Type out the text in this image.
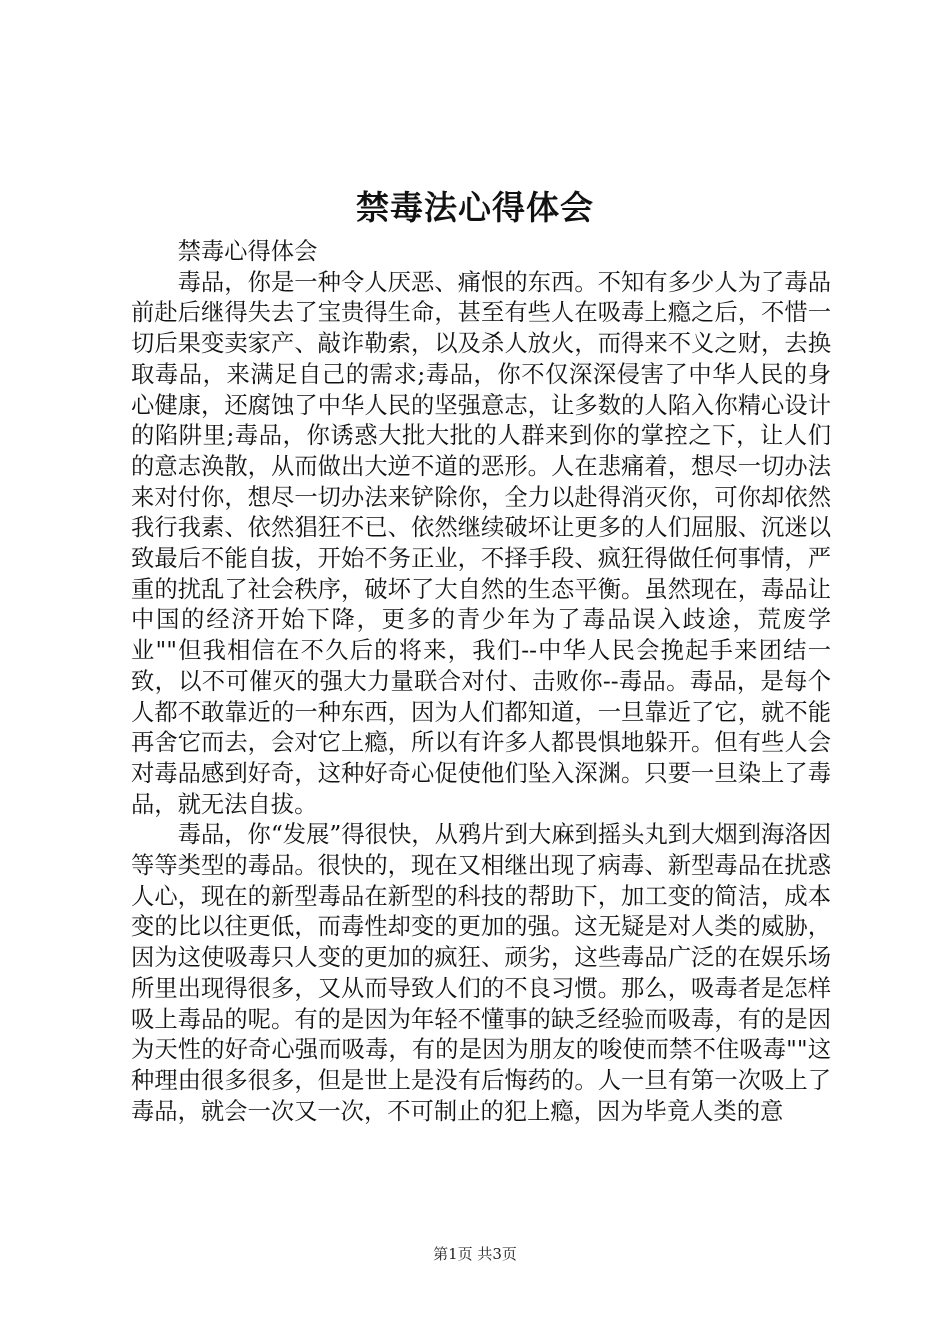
禁毒法心得体会

禁毒心得体会

毒品，你是一种令人厌恶、痛恨的东西。不知有多少人为了毒品前赴后继得失去了宝贵得生命，甚至有些人在吸毒上瘾之后，不惜一切后果变卖家产、敲诈勒索，以及杀人放火，而得来不义之财，去换取毒品，来满足自己的需求;毒品，你不仅深深侵害了中华人民的身心健康，还腐蚀了中华人民的坚强意志，让多数的人陷入你精心设计的陷阱里;毒品，你诱惑大批大批的人群来到你的掌控之下，让人们的意志涣散，从而做出大逆不道的恶形。人在悲痛着，想尽一切办法来对付你，想尽一切办法来铲除你，全力以赴得消灭你，可你却依然我行我素、依然猖狂不已、依然继续破坏让更多的人们屈服、沉迷以致最后不能自拔，开始不务正业，不择手段、疯狂得做任何事情，严重的扰乱了社会秩序，破坏了大自然的生态平衡。虽然现在，毒品让中国的经济开始下降，更多的青少年为了毒品误入歧途，荒废学业""但我相信在不久后的将来，我们--中华人民会挽起手来团结一致，以不可催灭的强大力量联合对付、击败你--毒品。毒品，是每个人都不敢靠近的一种东西，因为人们都知道，一旦靠近了它，就不能再舍它而去，会对它上瘾，所以有许多人都畏惧地躲开。但有些人会对毒品感到好奇，这种好奇心促使他们坠入深渊。只要一旦染上了毒品，就无法自拔。

毒品，你“发展”得很快，从鸦片到大麻到摇头丸到大烟到海洛因等等类型的毒品。很快的，现在又相继出现了病毒、新型毒品在扰惑人心，现在的新型毒品在新型的科技的帮助下，加工变的简洁，成本变的比以往更低，而毒性却变的更加的强。这无疑是对人类的威胁，因为这使吸毒只人变的更加的疯狂、顽劣，这些毒品广泛的在娱乐场所里出现得很多，又从而导致人们的不良习惯。那么，吸毒者是怎样吸上毒品的呢。有的是因为年轻不懂事的缺乏经验而吸毒，有的是因为天性的好奇心强而吸毒，有的是因为朋友的唆使而禁不住吸毒""这种理由很多很多，但是世上是没有后悔药的。人一旦有第一次吸上了毒品，就会一次又一次，不可制止的犯上瘾，因为毕竟人类的意

第1页 共3页
